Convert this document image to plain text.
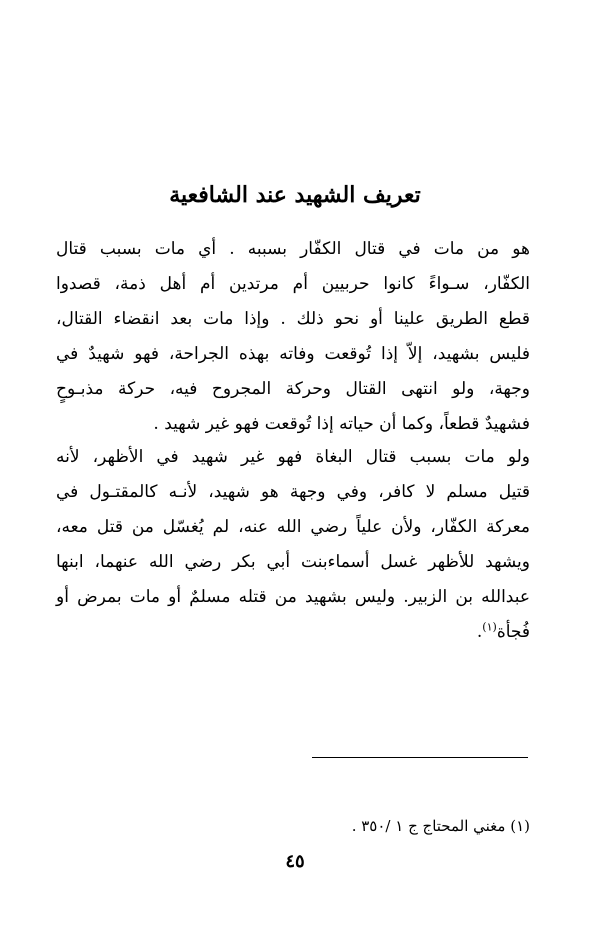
تعريف الشهيد عند الشافعية
هو من مات في قتال الكفّار بسببه . أي مات بسبب قتال
الكفّار، سـواءً كانوا حربيين أم مرتدين أم أهل ذمة، قصدوا
قطع الطريق علينا أو نحو ذلك . وإذا مات بعد انقضاء القتال،
فليس بشهيد، إلاّ إذا تُوقعت وفاته بهذه الجراحة، فهو شهيدٌ في
وجهة، ولو انتهى القتال وحركة المجروح فيه، حركة مذبـوحٍ
فشهيدٌ قطعاً، وكما أن حياته إذا تُوقعت فهو غير شهيد .
ولو مات بسبب قتال البغاة فهو غير شهيد في الأظهر، لأنه
قتيل مسلم لا كافر، وفي وجهة هو شهيد، لأنـه كالمقتـول في
معركة الكفّار، ولأن علياً رضي الله عنه، لم يُغسّل من قتل معه،
ويشهد للأظهر غسل أسماءبنت أبي بكر رضي الله عنهما، ابنها
عبدالله بن الزبير. وليس بشهيد من قتله مسلمٌ أو مات بمرض أو
فُجأة$^{(١)}$.
(١) مغني المحتاج ج ١ /٣٥٠ .
٤٥
